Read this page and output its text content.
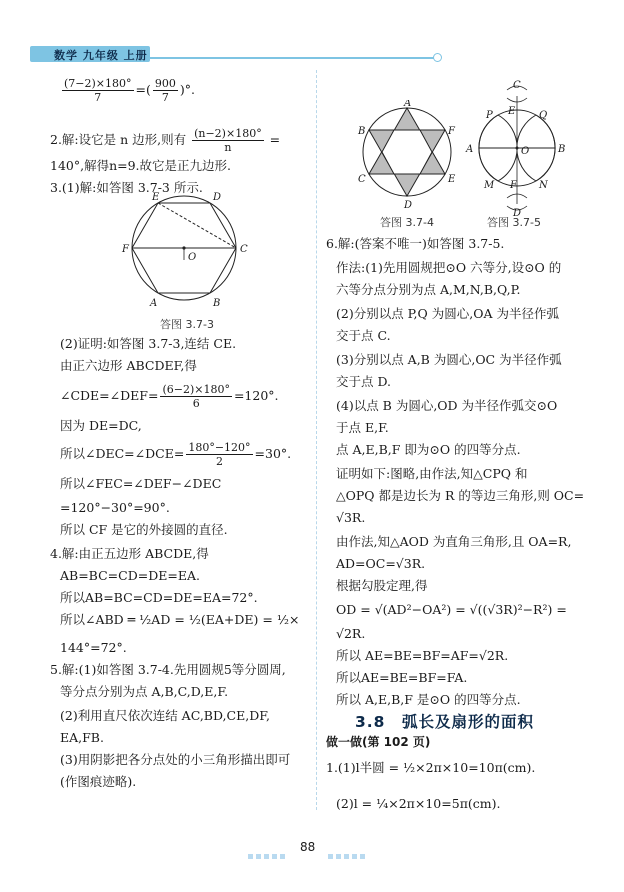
数学 九年级 上册
$\frac{(7-2)\times 180^\circ}{7}$ =( $\frac{900}{7}$ )°.
2.解:设它是 n 边形,则有 $\frac{(n-2)\times 180^\circ}{n}$ =
140°,解得n=9.故它是正九边形.
3.(1)解:如答图 3.7-3 所示.
E	D
F	C
O
A	B
答图 3.7-3
(2)证明:如答图 3.7-3,连结 CE.
由正六边形 ABCDEF,得
∠CDE=∠DEF= $\frac{(6-2)\times 180^\circ}{6} =120^\circ$.
因为 DE=DC,
所以∠DEC=∠DCE= $\frac{180^\circ-120^\circ}{2} =30^\circ$.
所以∠FEC=∠DEF−∠DEC
=120°−30°=90°.
所以 CF 是它的外接圆的直径.
4.解:由正五边形 ABCDE,得
AB=BC=CD=DE=EA.
所以AB=BC=CD=DE=EA=72°.
所以∠ABD ═ ½AD = ½(EA+DE) = ½×
144°=72°.
5.解:(1)如答图 3.7-4.先用圆规5等分圆周,
等分点分别为点 A,B,C,D,E,F.
(2)利用直尺依次连结 AC,BD,CE,DF,
EA,FB.
(3)用阴影把各分点处的小三角形描出即可
(作图痕迹略).
A
B	F
C	E
D
答图 3.7-4
C
E
P	Q
A	O	B
M F N
D
答图 3.7-5
6.解:(答案不唯一)如答图 3.7-5.
作法:(1)先用圆规把⊙O 六等分,设⊙O 的
六等分点分别为点 A,M,N,B,Q,P.
(2)分别以点 P,Q 为圆心,OA 为半径作弧
交于点 C.
(3)分别以点 A,B 为圆心,OC 为半径作弧
交于点 D.
(4)以点 B 为圆心,OD 为半径作弧交⊙O
于点 E,F.
点 A,E,B,F 即为⊙O 的四等分点.
证明如下:图略,由作法,知△CPQ 和
△OPQ 都是边长为 R 的等边三角形,则 OC=
√3R.
由作法,知△AOD 为直角三角形,且 OA=R,
AD=OC=√3R.
根据勾股定理,得
OD = √(AD²−OA²) = √((√3R)²−R²) =
√2R.
所以 AE=BE=BF=AF=√2R.
所以AE=BE=BF=FA.
所以 A,E,B,F 是⊙O 的四等分点.
3.8　弧长及扇形的面积
做一做(第 102 页)
1.(1)l半圆 = ½×2π×10=10π(cm).
(2)l = ¼×2π×10=5π(cm).
88
